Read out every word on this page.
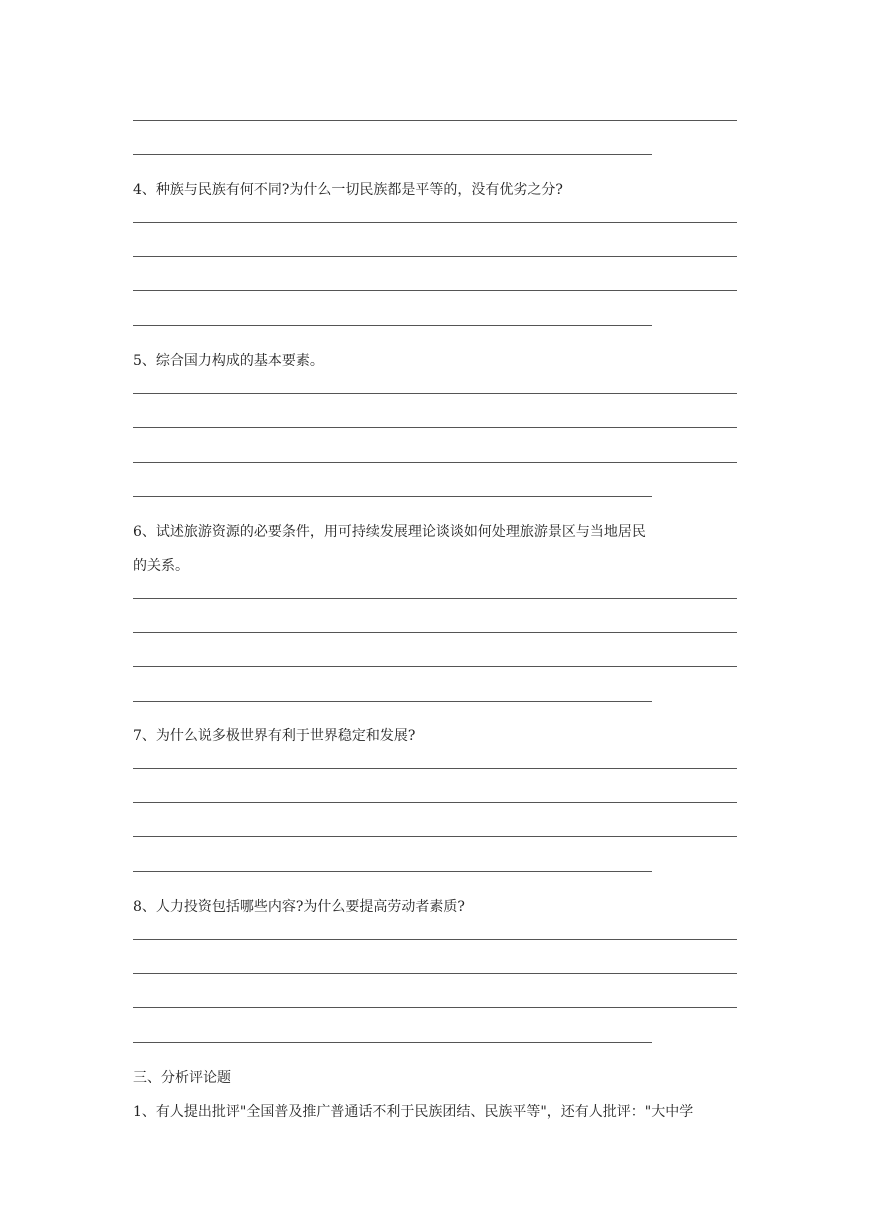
4、种族与民族有何不同?为什么一切民族都是平等的，没有优劣之分?
5、综合国力构成的基本要素。
6、试述旅游资源的必要条件，用可持续发展理论谈谈如何处理旅游景区与当地居民
的关系。
7、为什么说多极世界有利于世界稳定和发展?
8、人力投资包括哪些内容?为什么要提高劳动者素质?
三、分析评论题
1、有人提出批评"全国普及推广普通话不利于民族团结、民族平等"，还有人批评："大中学
